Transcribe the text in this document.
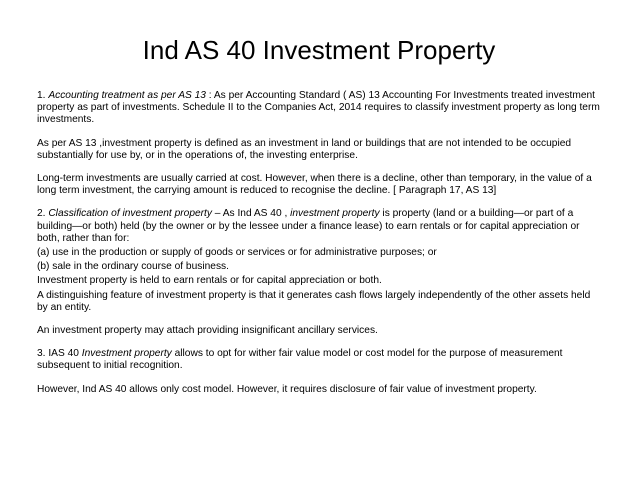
Ind AS 40 Investment Property

1. Accounting treatment as per AS 13 : As per Accounting Standard ( AS) 13 Accounting For Investments treated investment property as part of investments. Schedule II to the Companies Act, 2014 requires to classify investment property as long term investments.

As per AS 13 ,investment property is defined as an investment in land or buildings that are not intended to be occupied substantially for use by, or in the operations of, the investing enterprise.

Long-term investments are usually carried at cost. However, when there is a decline, other than temporary, in the value of a long term investment, the carrying amount is reduced to recognise the decline. [ Paragraph 17, AS 13]

2. Classification of investment property – As Ind AS 40 , investment property is property (land or a building—or part of a building—or both) held (by the owner or by the lessee under a finance lease) to earn rentals or for capital appreciation or both, rather than for:

(a) use in the production or supply of goods or services or for administrative purposes; or

(b) sale in the ordinary course of business.

Investment property is held to earn rentals or for capital appreciation or both.

A distinguishing feature of investment property is that it generates cash flows largely independently of the other assets held by an entity.

An investment property may attach providing insignificant ancillary services.

3. IAS 40 Investment property allows to opt for wither fair value model or cost model for the purpose of measurement subsequent to initial recognition.

However, Ind AS 40 allows only cost model. However, it requires disclosure of fair value of investment property.
